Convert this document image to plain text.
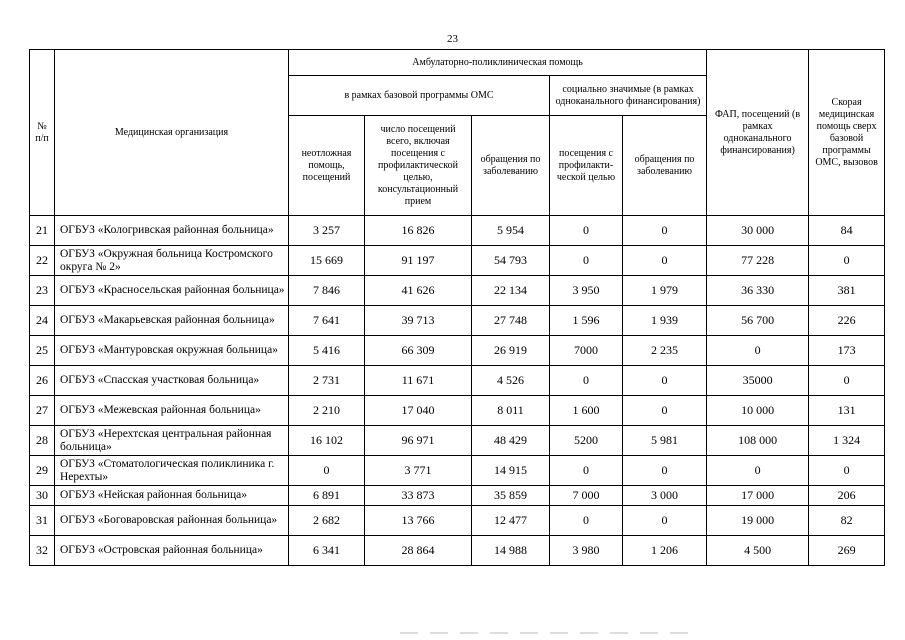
23
№ п/п	Медицинская организация	Амбулаторно-поликлиническая помощь					ФАП, посещений (в рамках одноканального финансирования)	Скорая медицинская помощь сверх базовой программы ОМС, вызовов
		в рамках базовой программы ОМС			социально значимые (в рамках одноканального финансирования)			
		неотложная помощь, посещений	число посещений всего, включая посещения с профилактической целью, консультационный прием	обращения по заболеванию	посещения с профилакти-ческой целью	обращения по заболеванию		
21	ОГБУЗ «Кологривская районная больница»	3 257	16 826	5 954	0	0	30 000	84
22	ОГБУЗ «Окружная больница Костромского округа № 2»	15 669	91 197	54 793	0	0	77 228	0
23	ОГБУЗ «Красносельская районная больница»	7 846	41 626	22 134	3 950	1 979	36 330	381
24	ОГБУЗ «Макарьевская районная больница»	7 641	39 713	27 748	1 596	1 939	56 700	226
25	ОГБУЗ «Мантуровская окружная больница»	5 416	66 309	26 919	7000	2 235	0	173
26	ОГБУЗ «Спасская участковая больница»	2 731	11 671	4 526	0	0	35000	0
27	ОГБУЗ «Межевская районная больница»	2 210	17 040	8 011	1 600	0	10 000	131
28	ОГБУЗ «Нерехтская центральная районная больница»	16 102	96 971	48 429	5200	5 981	108 000	1 324
29	ОГБУЗ «Стоматологическая поликлиника г. Нерехты»	0	3 771	14 915	0	0	0	0
30	ОГБУЗ «Нейская районная больница»	6 891	33 873	35 859	7 000	3 000	17 000	206
31	ОГБУЗ «Боговаровская районная больница»	2 682	13 766	12 477	0	0	19 000	82
32	ОГБУЗ «Островская районная больница»	6 341	28 864	14 988	3 980	1 206	4 500	269
